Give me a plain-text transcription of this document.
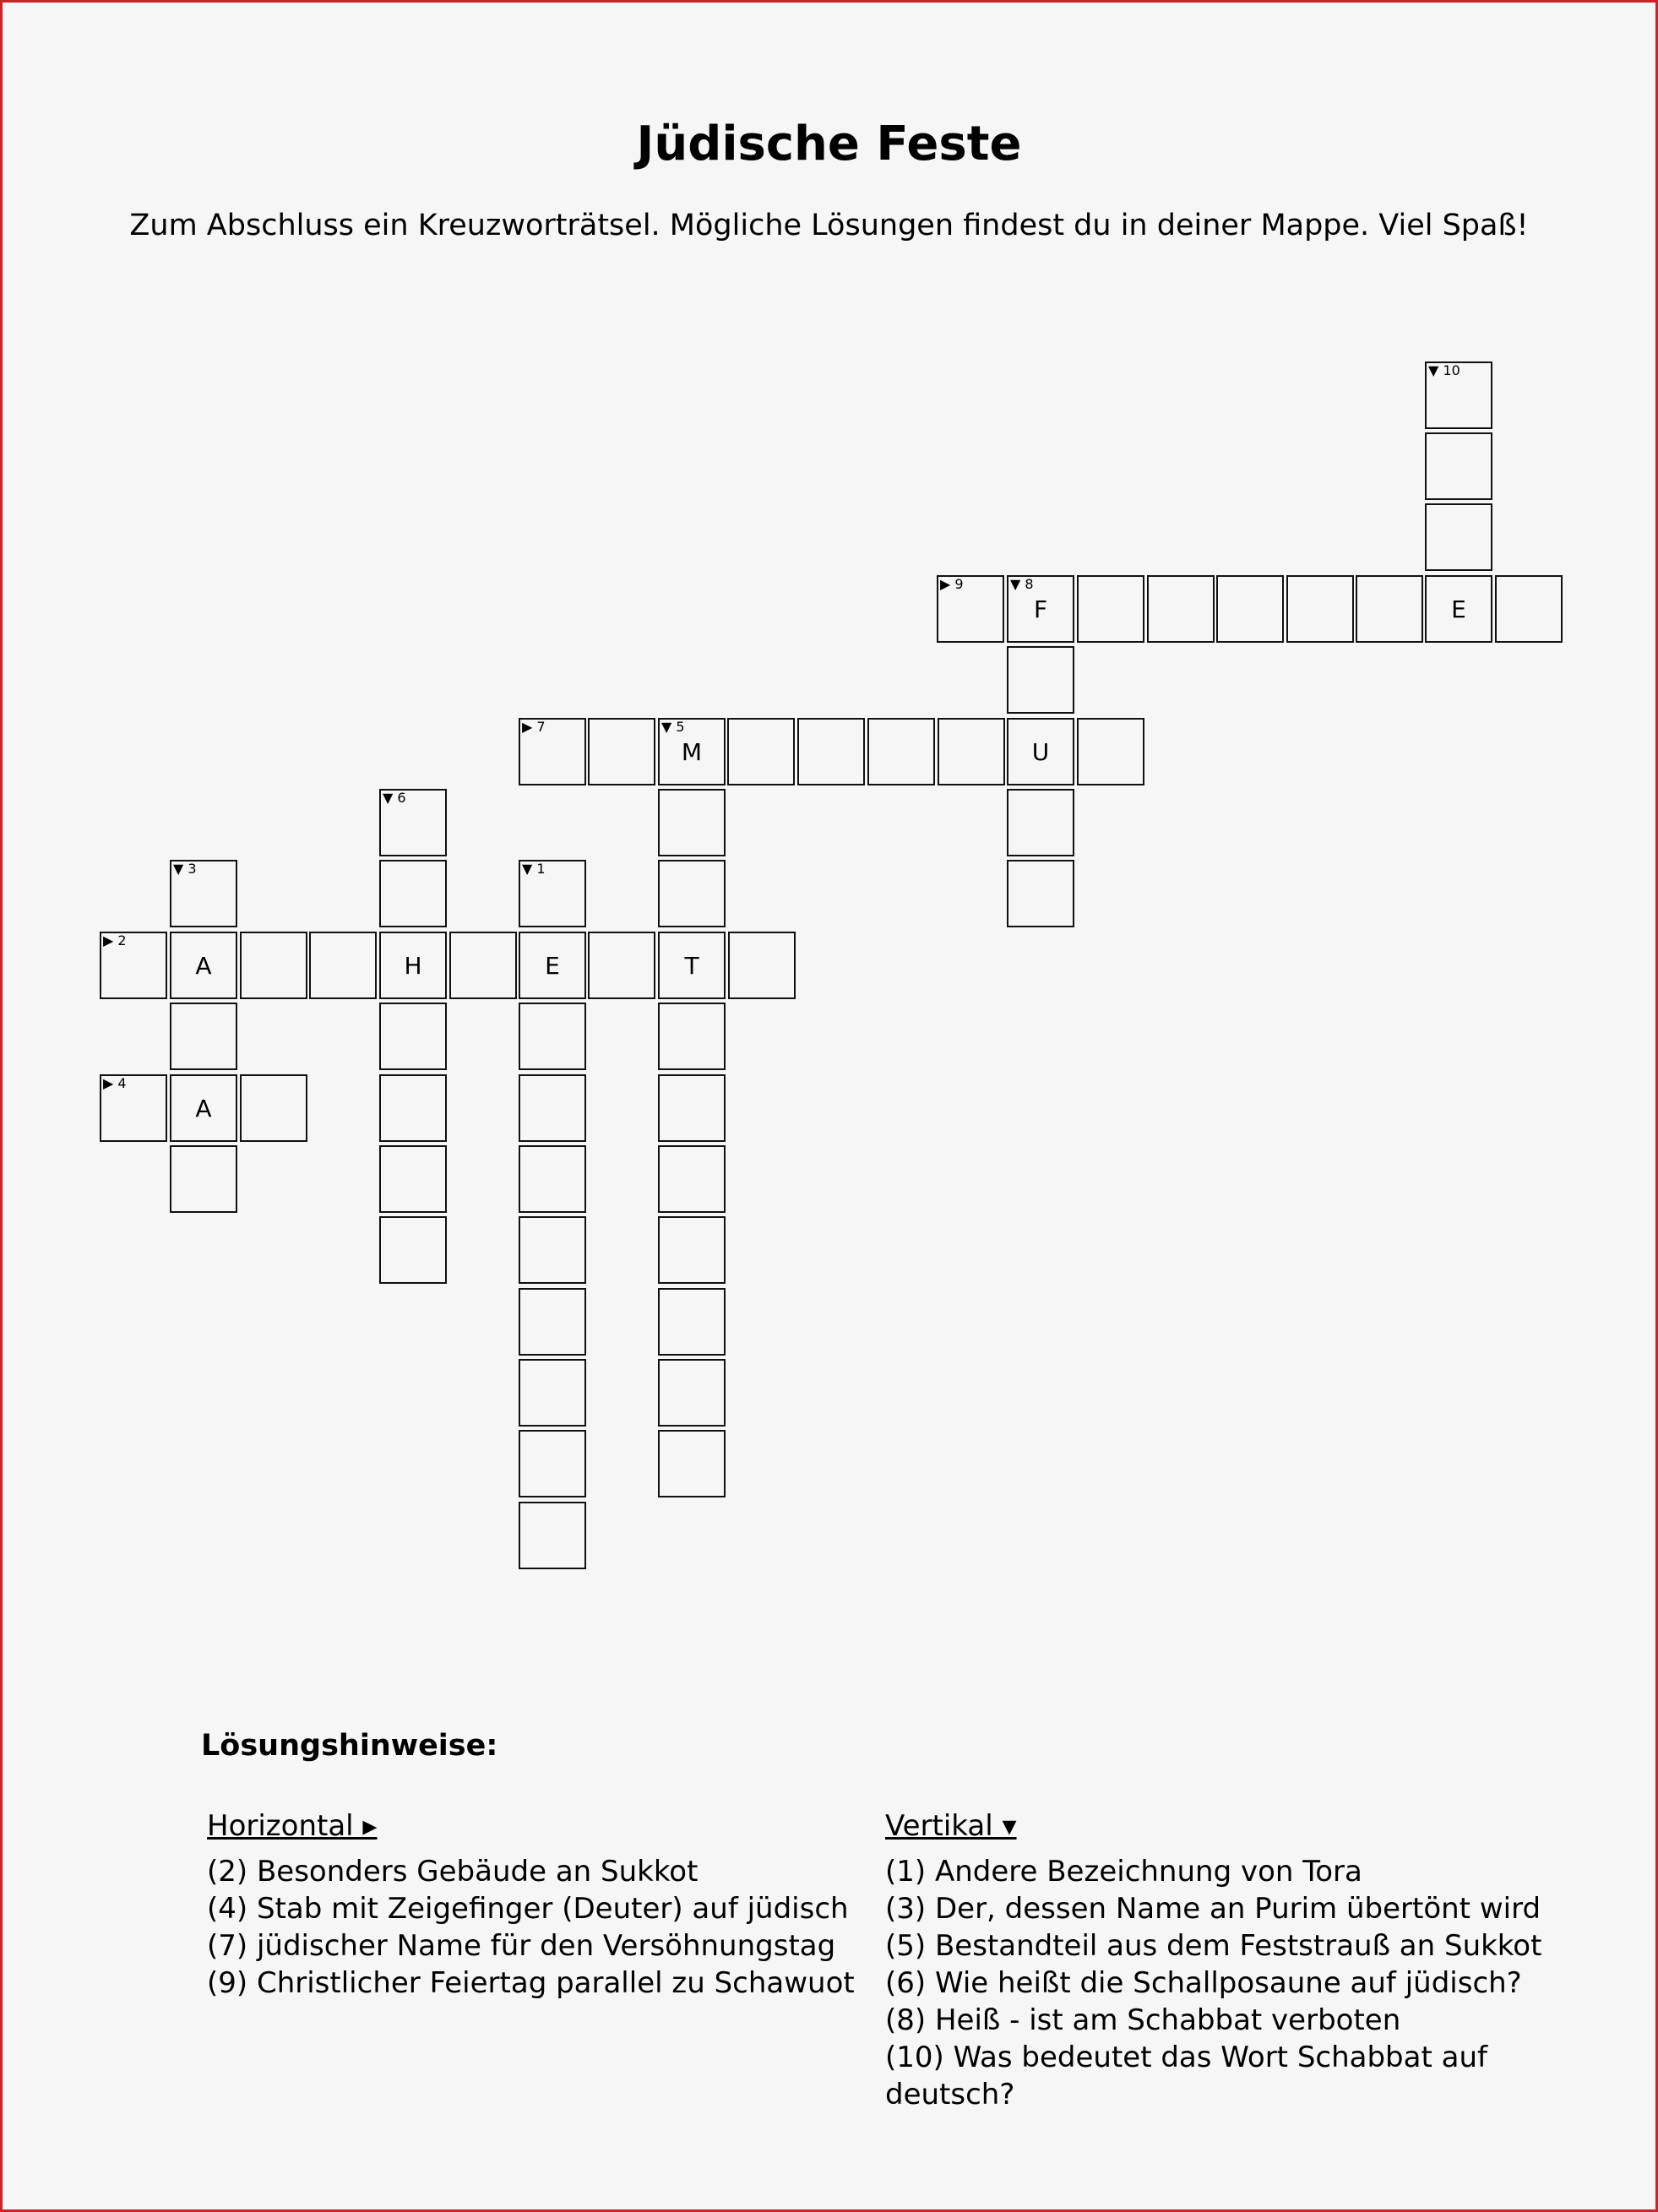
Jüdische Feste
Zum Abschluss ein Kreuzworträtsel. Mögliche Lösungen findest du in deiner Mappe. Viel Spaß!
▼ 10
▶ 9	▼ 8
F	E
▶ 7	▼ 5
M	U
▼ 6
▼ 3	▼ 1
▶ 2
A	H	E	T
▶ 4
A
Lösungshinweise:
Horizontal ▸
(2) Besonders Gebäude an Sukkot
(4) Stab mit Zeigefinger (Deuter) auf jüdisch
(7) jüdischer Name für den Versöhnungstag
(9) Christlicher Feiertag parallel zu Schawuot
Vertikal ▾
(1) Andere Bezeichnung von Tora
(3) Der, dessen Name an Purim übertönt wird
(5) Bestandteil aus dem Feststrauß an Sukkot
(6) Wie heißt die Schallposaune auf jüdisch?
(8) Heiß - ist am Schabbat verboten
(10) Was bedeutet das Wort Schabbat auf deutsch?
